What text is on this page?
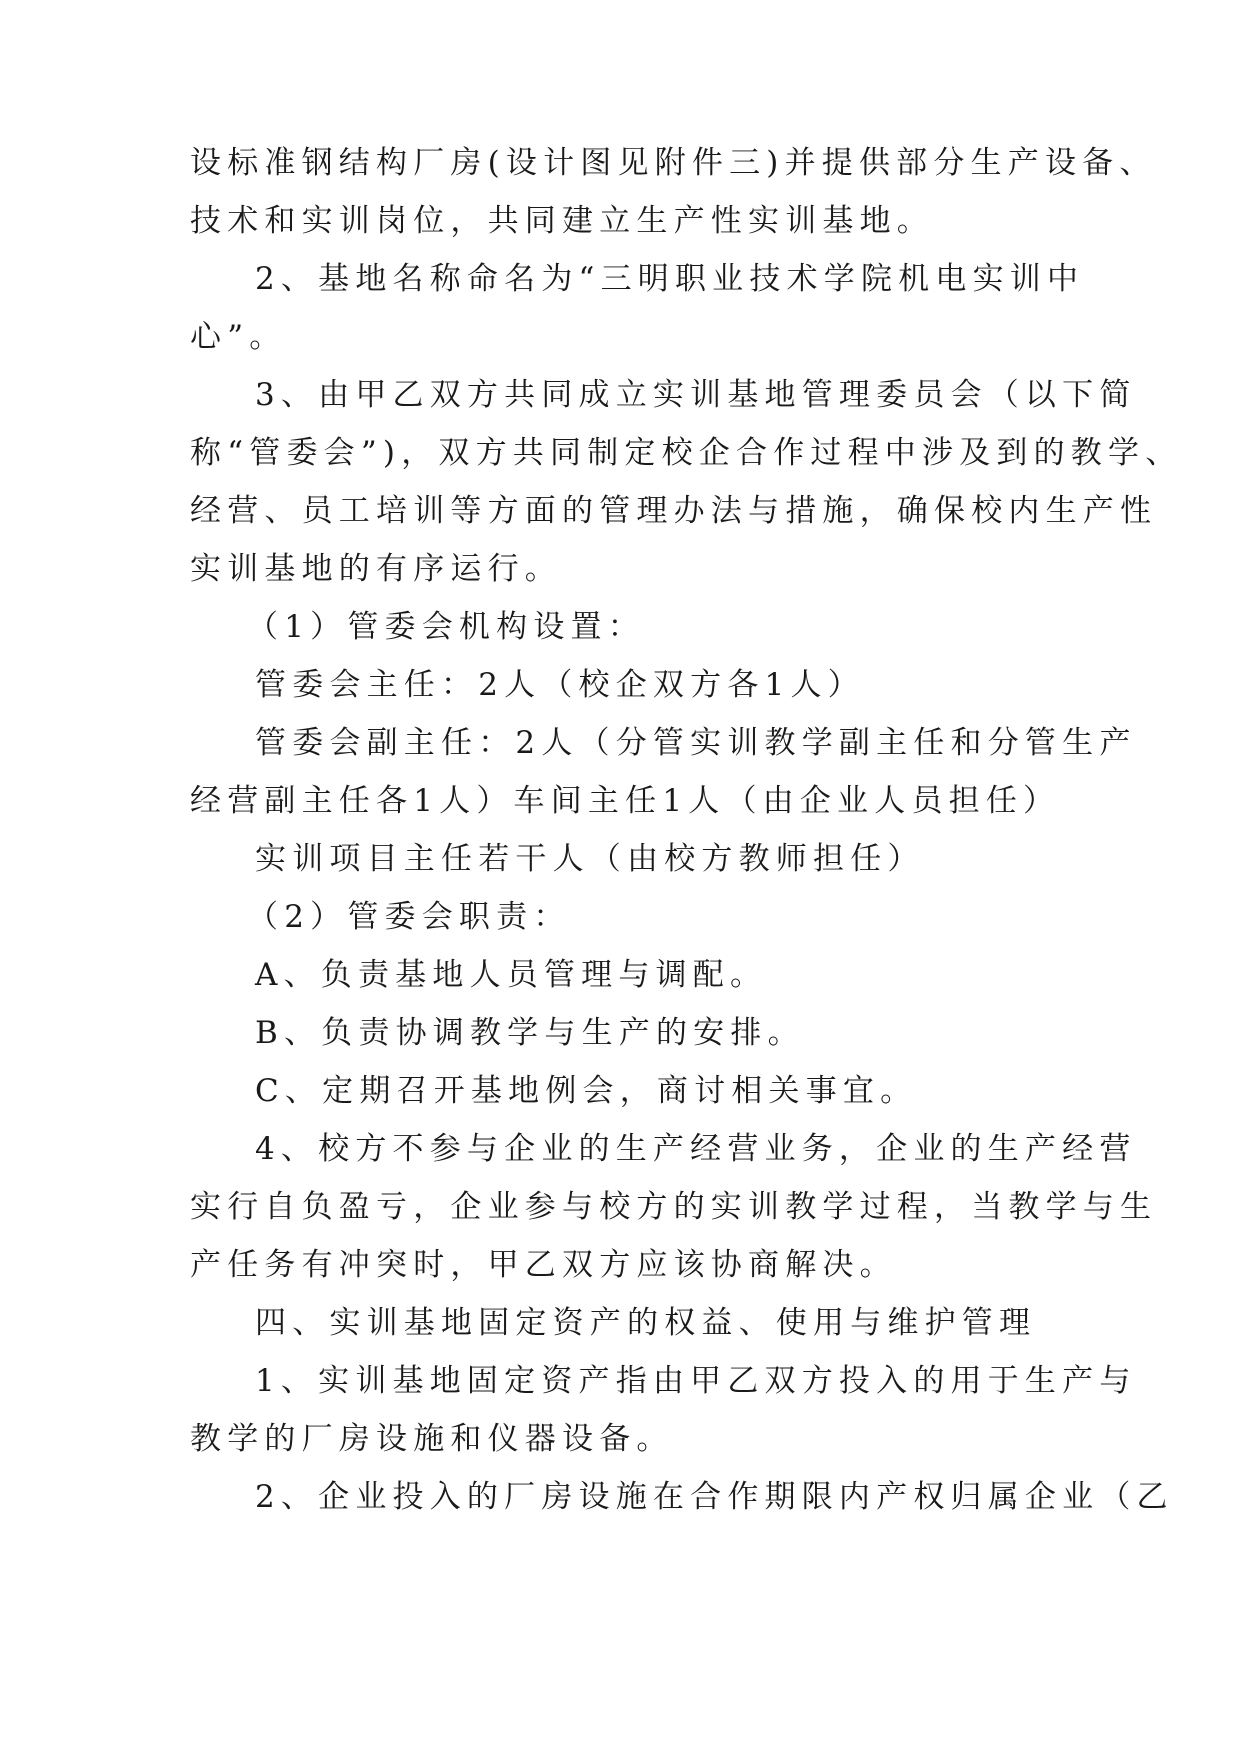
设标准钢结构厂房(设计图见附件三)并提供部分生产设备、
技术和实训岗位，共同建立生产性实训基地。
2、基地名称命名为“三明职业技术学院机电实训中
心”。
3、由甲乙双方共同成立实训基地管理委员会（以下简
称“管委会”)，双方共同制定校企合作过程中涉及到的教学、
经营、员工培训等方面的管理办法与措施，确保校内生产性
实训基地的有序运行。
（1）管委会机构设置：
管委会主任：2人（校企双方各1人）
管委会副主任：2人（分管实训教学副主任和分管生产
经营副主任各1人）车间主任1人（由企业人员担任）
实训项目主任若干人（由校方教师担任）
（2）管委会职责：
A、负责基地人员管理与调配。
B、负责协调教学与生产的安排。
C、定期召开基地例会，商讨相关事宜。
4、校方不参与企业的生产经营业务，企业的生产经营
实行自负盈亏，企业参与校方的实训教学过程，当教学与生
产任务有冲突时，甲乙双方应该协商解决。
四、实训基地固定资产的权益、使用与维护管理
1、实训基地固定资产指由甲乙双方投入的用于生产与
教学的厂房设施和仪器设备。
2、企业投入的厂房设施在合作期限内产权归属企业（乙
